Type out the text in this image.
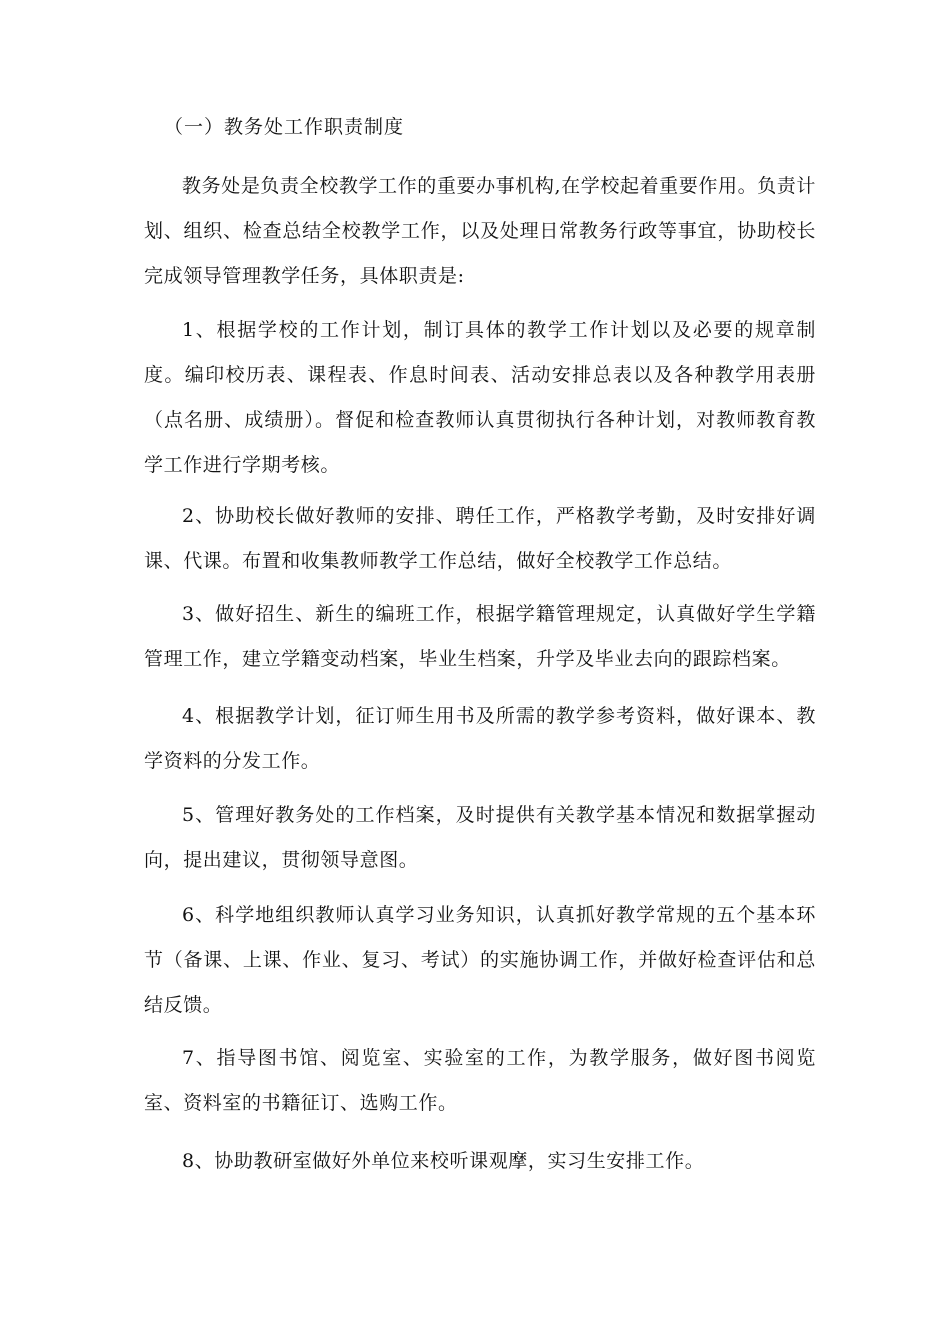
（一）教务处工作职责制度

教务处是负责全校教学工作的重要办事机构,在学校起着重要作用。负责计划、组织、检查总结全校教学工作，以及处理日常教务行政等事宜，协助校长完成领导管理教学任务，具体职责是:

1、根据学校的工作计划，制订具体的教学工作计划以及必要的规章制度。编印校历表、课程表、作息时间表、活动安排总表以及各种教学用表册（点名册、成绩册）。督促和检查教师认真贯彻执行各种计划，对教师教育教学工作进行学期考核。

2、协助校长做好教师的安排、聘任工作，严格教学考勤，及时安排好调课、代课。布置和收集教师教学工作总结，做好全校教学工作总结。

3、做好招生、新生的编班工作，根据学籍管理规定，认真做好学生学籍管理工作，建立学籍变动档案，毕业生档案，升学及毕业去向的跟踪档案。

4、根据教学计划，征订师生用书及所需的教学参考资料，做好课本、教学资料的分发工作。

5、管理好教务处的工作档案，及时提供有关教学基本情况和数据掌握动向，提出建议，贯彻领导意图。

6、科学地组织教师认真学习业务知识，认真抓好教学常规的五个基本环节（备课、上课、作业、复习、考试）的实施协调工作，并做好检查评估和总结反馈。

7、指导图书馆、阅览室、实验室的工作，为教学服务，做好图书阅览室、资料室的书籍征订、选购工作。

8、协助教研室做好外单位来校听课观摩，实习生安排工作。
